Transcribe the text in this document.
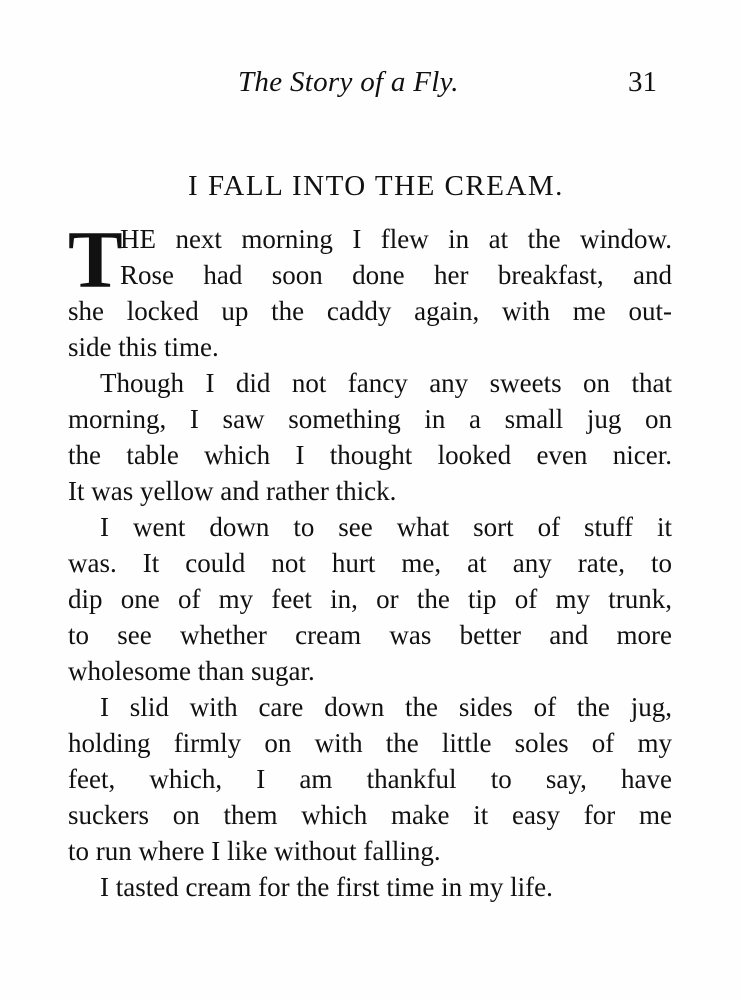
The Story of a Fly.	31
I FALL INTO THE CREAM.
T
HE next morning I flew in at the window.
Rose had soon done her breakfast, and
she locked up the caddy again, with me out-
side this time.
Though I did not fancy any sweets on that
morning, I saw something in a small jug on
the table which I thought looked even nicer.
It was yellow and rather thick.
I went down to see what sort of stuff it
was. It could not hurt me, at any rate, to
dip one of my feet in, or the tip of my trunk,
to see whether cream was better and more
wholesome than sugar.
I slid with care down the sides of the jug,
holding firmly on with the little soles of my
feet, which, I am thankful to say, have
suckers on them which make it easy for me
to run where I like without falling.
I tasted cream for the first time in my life.
